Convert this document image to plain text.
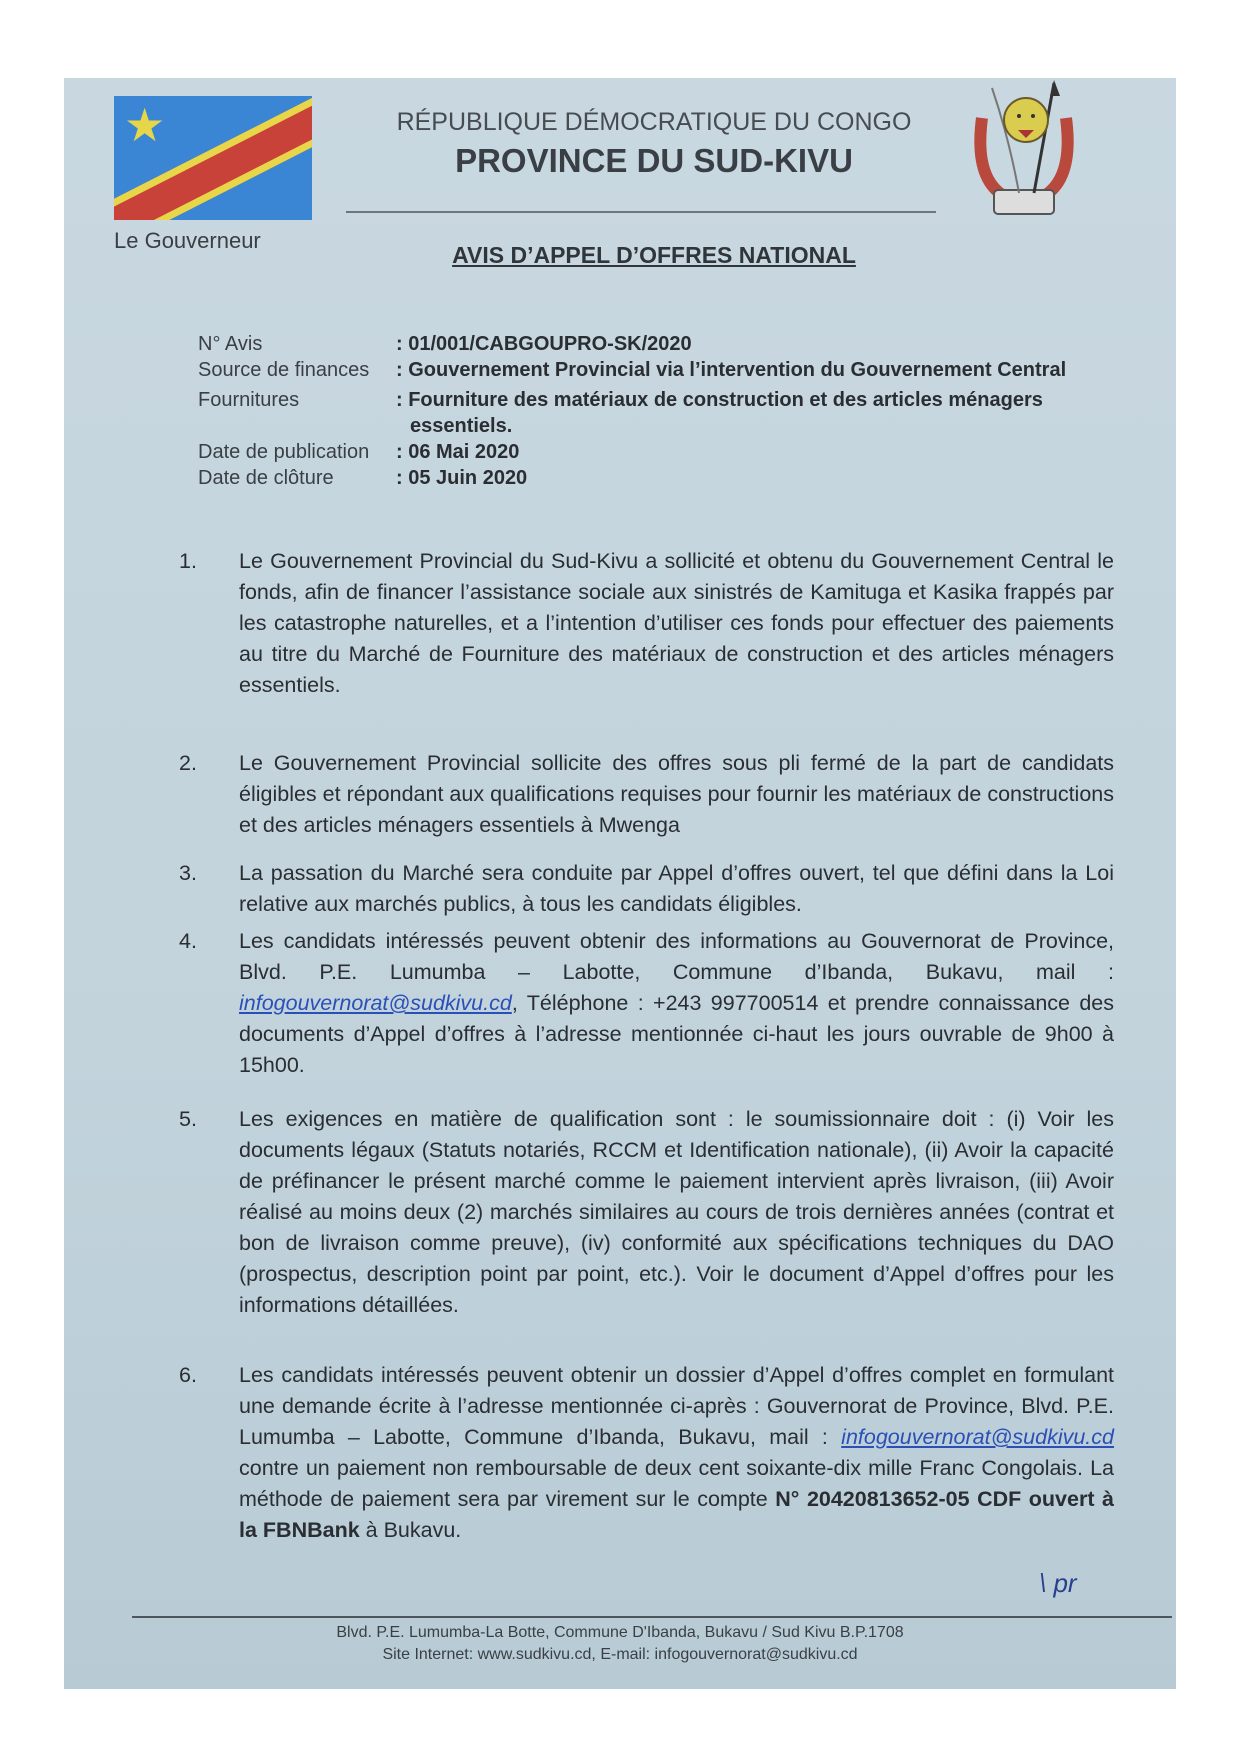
★
Le Gouverneur
RÉPUBLIQUE DÉMOCRATIQUE DU CONGO
PROVINCE DU SUD-KIVU
AVIS D’APPEL D’OFFRES NATIONAL
N° Avis	: 01/001/CABGOUPRO-SK/2020
Source de finances	: Gouvernement Provincial via l’intervention du Gouvernement Central
Fournitures	: Fourniture des matériaux de construction et des articles ménagers essentiels.
Date de publication	: 06 Mai 2020
Date de clôture	: 05 Juin 2020
1.	Le Gouvernement Provincial du Sud-Kivu a sollicité et obtenu du Gouvernement Central le fonds, afin de financer l’assistance sociale aux sinistrés de Kamituga et Kasika frappés par les catastrophe naturelles, et a l’intention d’utiliser ces fonds pour effectuer des paiements au titre du Marché de Fourniture des matériaux de construction et des articles ménagers essentiels.
2.	Le Gouvernement Provincial sollicite des offres sous pli fermé de la part de candidats éligibles et répondant aux qualifications requises pour fournir les matériaux de constructions et des articles ménagers essentiels à Mwenga
3.	La passation du Marché sera conduite par Appel d’offres ouvert, tel que défini dans la Loi relative aux marchés publics, à tous les candidats éligibles.
4.	Les candidats intéressés peuvent obtenir des informations au Gouvernorat de Province, Blvd. P.E. Lumumba – Labotte, Commune d’Ibanda, Bukavu, mail : infogouvernorat@sudkivu.cd, Téléphone : +243 997700514 et prendre connaissance des documents d’Appel d’offres à l’adresse mentionnée ci-haut les jours ouvrable de 9h00 à 15h00.
5.	Les exigences en matière de qualification sont : le soumissionnaire doit : (i) Voir les documents légaux (Statuts notariés, RCCM et Identification nationale), (ii) Avoir la capacité de préfinancer le présent marché comme le paiement intervient après livraison, (iii) Avoir réalisé au moins deux (2) marchés similaires au cours de trois dernières années (contrat et bon de livraison comme preuve), (iv) conformité aux spécifications techniques du DAO (prospectus, description point par point, etc.). Voir le document d’Appel d’offres pour les informations détaillées.
6.	Les candidats intéressés peuvent obtenir un dossier d’Appel d’offres complet en formulant une demande écrite à l’adresse mentionnée ci-après : Gouvernorat de Province, Blvd. P.E. Lumumba – Labotte, Commune d’Ibanda, Bukavu, mail : infogouvernorat@sudkivu.cd contre un paiement non remboursable de deux cent soixante-dix mille Franc Congolais. La méthode de paiement sera par virement sur le compte N° 20420813652-05 CDF ouvert à la FBNBank à Bukavu.
\ pr
Blvd. P.E. Lumumba-La Botte, Commune D'Ibanda, Bukavu / Sud Kivu B.P.1708
Site Internet: www.sudkivu.cd, E-mail: infogouvernorat@sudkivu.cd
